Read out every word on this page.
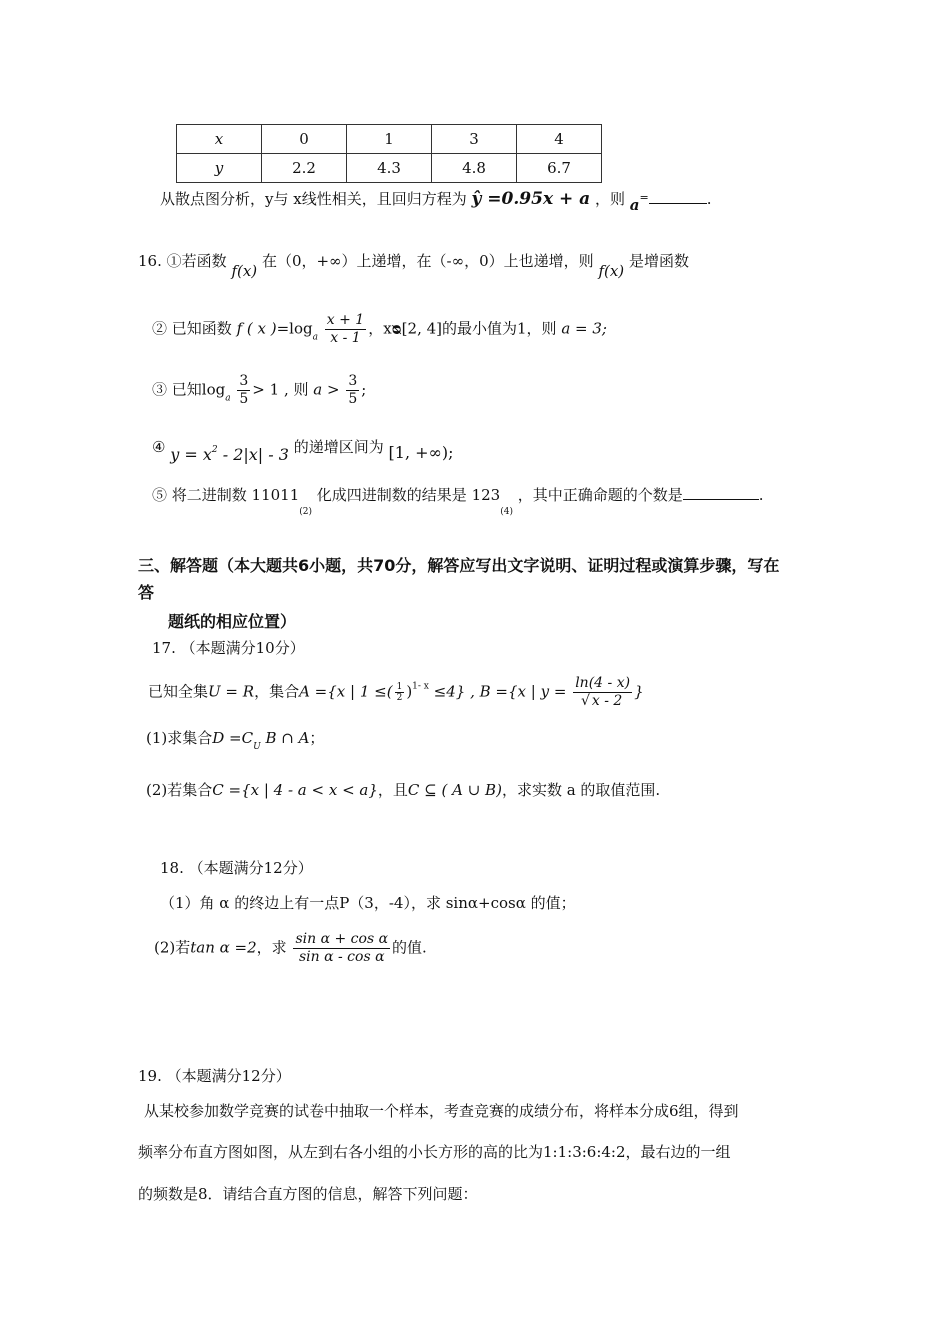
x	0	1	3	4
y	2.2	4.3	4.8	6.7
从散点图分析，y与 x线性相关，且回归方程为 ŷ =0.95x + a ，则 a=	.
16. ①若函数 f(x) 在（0，+∞）上递增，在（-∞，0）上也递增，则 f(x) 是增函数
② 已知函数 f ( x )$=\log_a \frac{x + 1}{x - 1}$ ，xᴓ[2, 4]的最小值为1，则 a = 3;
③ 已知$\log_a \frac{3}{5} > 1$ , 则 $a > \frac{3}{5}$ ;
④ $y = x^2 - 2|x| - 3$ 的递增区间为 [1, +∞);
⑤ 将二进制数 $11011_{(2)}$ 化成四进制数的结果是 $123_{(4)}$ ，其中正确命题的个数是	.
三、解答题（本大题共6小题，共70分，解答应写出文字说明、证明过程或演算步骤，写在
答
题纸的相应位置）
17. （本题满分10分）
已知全集U = R，集合A ={x | 1 ≤( $\frac{1}{2} )^{1- x} \le 4$} , B ={x | $y = \frac{\ln(4 - x)}{√ x - 2}$ }
(1)求集合$D =C_U$ B ∩ A；
(2)若集合C ={x | 4 - a < x < a}，且C ⊆ ( A ∪ B)，求实数 a 的取值范围.
18. （本题满分12分）
（1）角 α 的终边上有一点P（3，-4），求 sinα+cosα 的值；
(2)若tan α =2，求 $\frac{\text{sin α + cos α}}{\text{sin α - cos α}}$ 的值.
19. （本题满分12分）
从某校参加数学竞赛的试卷中抽取一个样本，考查竞赛的成绩分布，将样本分成6组，得到
频率分布直方图如图，从左到右各小组的小长方形的高的比为1:1:3:6:4:2，最右边的一组
的频数是8．请结合直方图的信息，解答下列问题：
